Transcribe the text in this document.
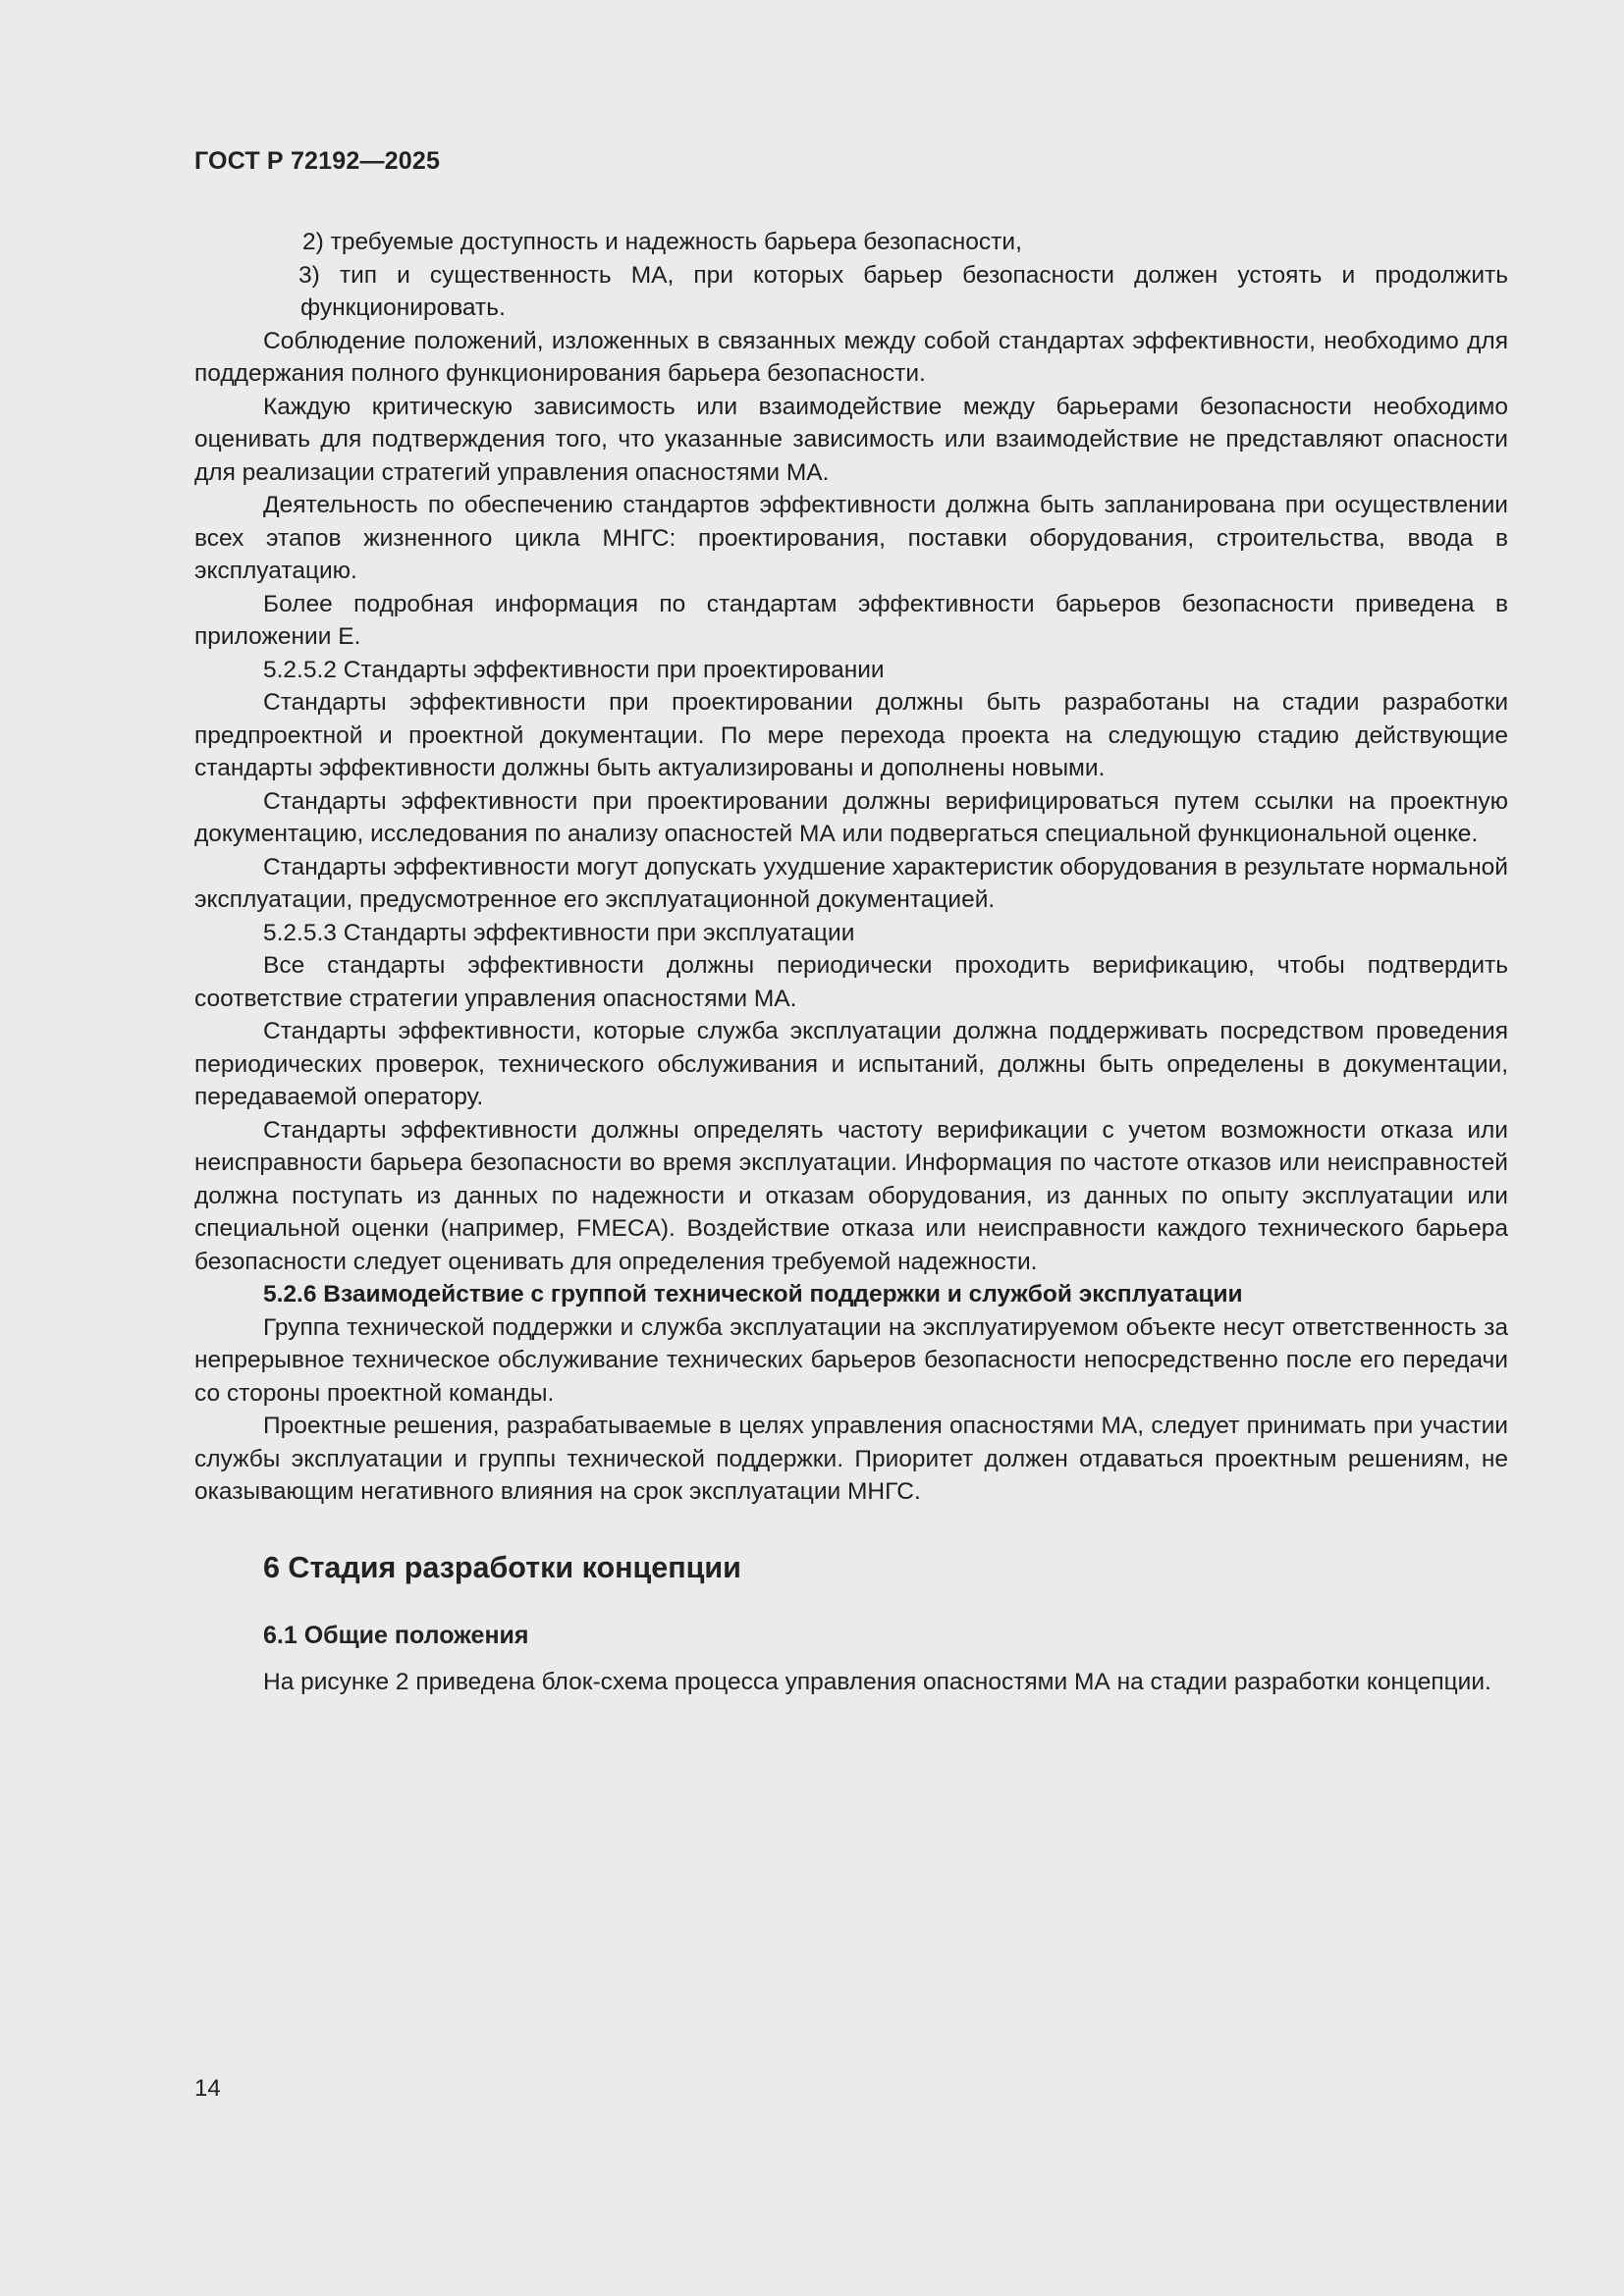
ГОСТ Р 72192—2025

2) требуемые доступность и надежность барьера безопасности,

3) тип и существенность МА, при которых барьер безопасности должен устоять и продолжить функционировать.

Соблюдение положений, изложенных в связанных между собой стандартах эффективности, необходимо для поддержания полного функционирования барьера безопасности.

Каждую критическую зависимость или взаимодействие между барьерами безопасности необходимо оценивать для подтверждения того, что указанные зависимость или взаимодействие не представляют опасности для реализации стратегий управления опасностями МА.

Деятельность по обеспечению стандартов эффективности должна быть запланирована при осуществлении всех этапов жизненного цикла МНГС: проектирования, поставки оборудования, строительства, ввода в эксплуатацию.

Более подробная информация по стандартам эффективности барьеров безопасности приведена в приложении Е.

5.2.5.2 Стандарты эффективности при проектировании

Стандарты эффективности при проектировании должны быть разработаны на стадии разработки предпроектной и проектной документации. По мере перехода проекта на следующую стадию действующие стандарты эффективности должны быть актуализированы и дополнены новыми.

Стандарты эффективности при проектировании должны верифицироваться путем ссылки на проектную документацию, исследования по анализу опасностей МА или подвергаться специальной функциональной оценке.

Стандарты эффективности могут допускать ухудшение характеристик оборудования в результате нормальной эксплуатации, предусмотренное его эксплуатационной документацией.

5.2.5.3 Стандарты эффективности при эксплуатации

Все стандарты эффективности должны периодически проходить верификацию, чтобы подтвердить соответствие стратегии управления опасностями МА.

Стандарты эффективности, которые служба эксплуатации должна поддерживать посредством проведения периодических проверок, технического обслуживания и испытаний, должны быть определены в документации, передаваемой оператору.

Стандарты эффективности должны определять частоту верификации с учетом возможности отказа или неисправности барьера безопасности во время эксплуатации. Информация по частоте отказов или неисправностей должна поступать из данных по надежности и отказам оборудования, из данных по опыту эксплуатации или специальной оценки (например, FMECA). Воздействие отказа или неисправности каждого технического барьера безопасности следует оценивать для определения требуемой надежности.

5.2.6 Взаимодействие с группой технической поддержки и службой эксплуатации

Группа технической поддержки и служба эксплуатации на эксплуатируемом объекте несут ответственность за непрерывное техническое обслуживание технических барьеров безопасности непосредственно после его передачи со стороны проектной команды.

Проектные решения, разрабатываемые в целях управления опасностями МА, следует принимать при участии службы эксплуатации и группы технической поддержки. Приоритет должен отдаваться проектным решениям, не оказывающим негативного влияния на срок эксплуатации МНГС.

6 Стадия разработки концепции
6.1 Общие положения

На рисунке 2 приведена блок-схема процесса управления опасностями МА на стадии разработки концепции.

14
